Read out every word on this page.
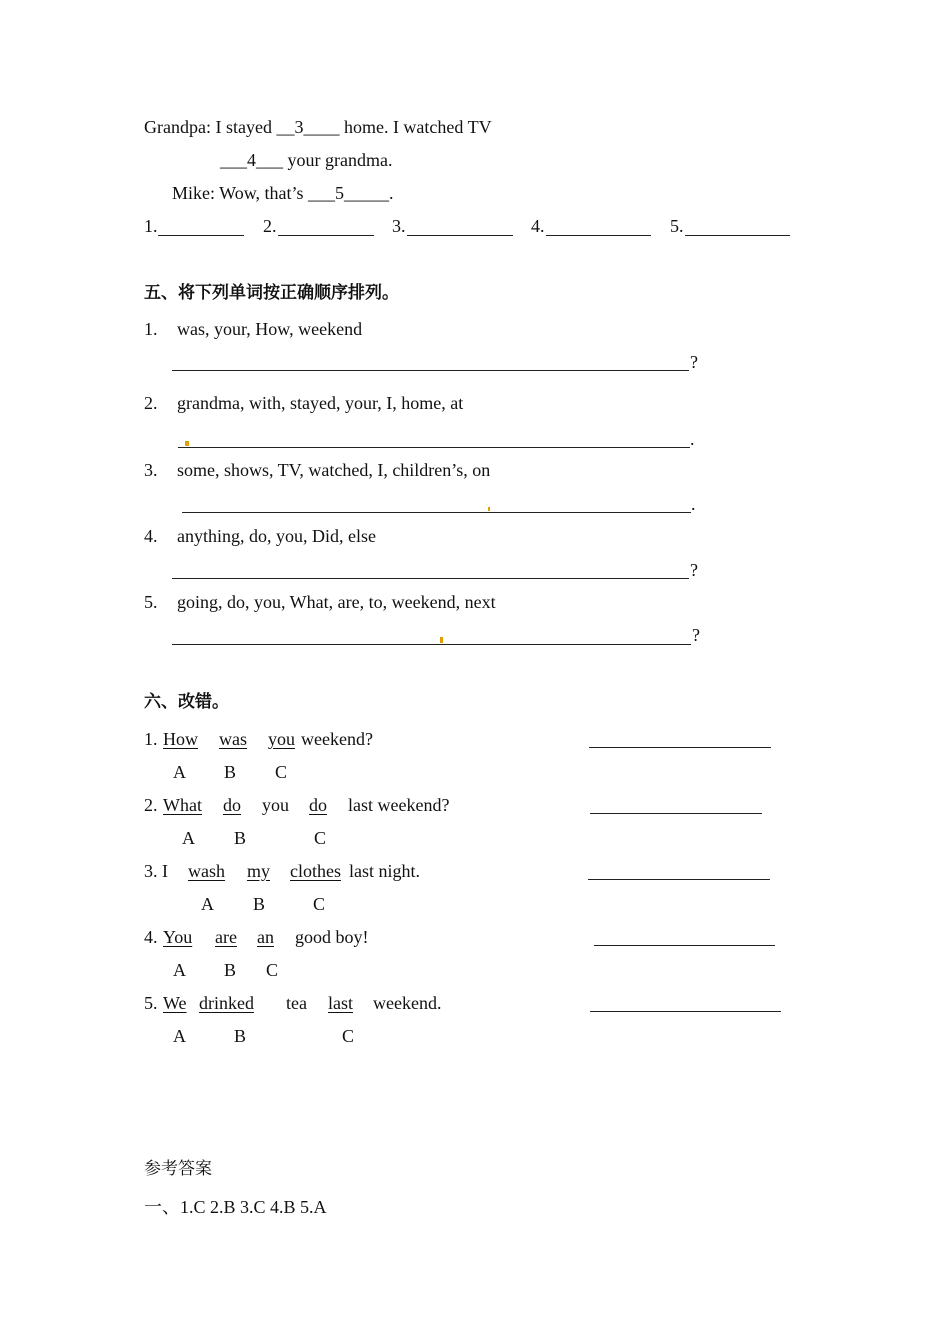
Grandpa: I stayed __3____ home. I watched TV
___4___ your grandma.
Mike: Wow, that’s ___5_____.
1.	2.	3.	4.	5.
五、将下列单词按正确顺序排列。
1. was, your, How, weekend
?
2. grandma, with, stayed, your, I, home, at
.
3. some, shows, TV, watched, I, children’s, on
.
4. anything, do, you, Did, else
?
5. going, do, you, What, are, to, weekend, next
?
六、改错。
1. How was you weekend?
A B C
2. What do you do last weekend?
A B	C
3. I wash my clothes last night.
A B	C
4. You are an good boy!
A B C
5. We drinked tea last weekend.
A	B	C
参考答案
一、1.C 2.B 3.C 4.B 5.A
